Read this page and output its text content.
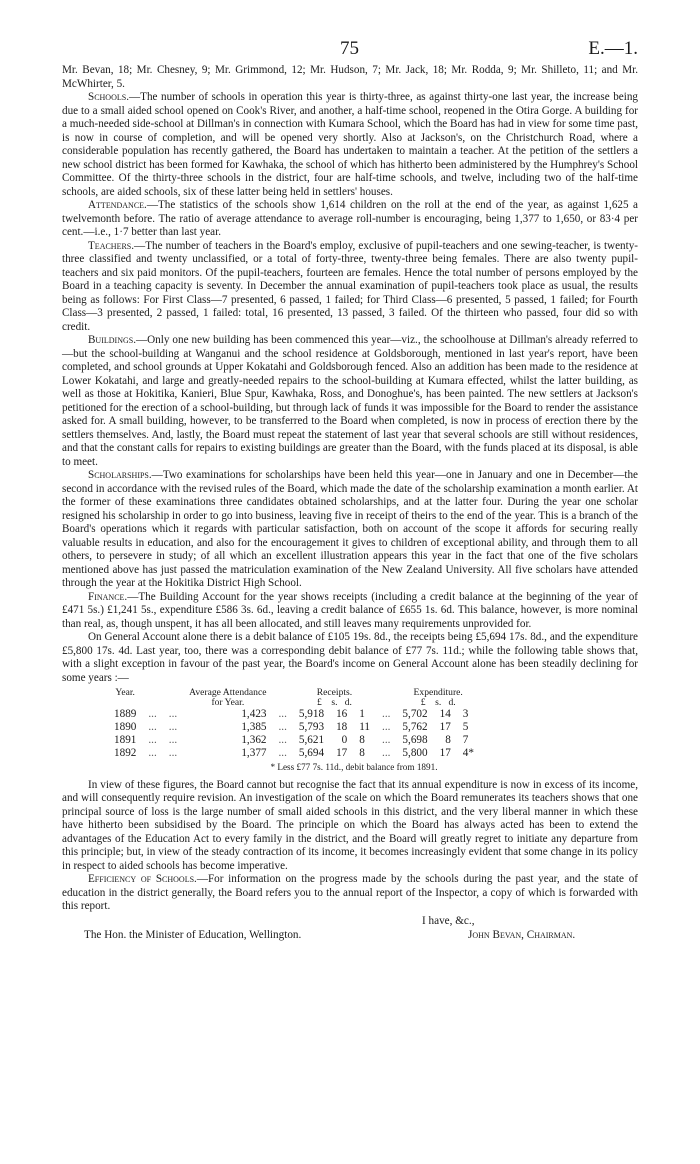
75	E.—1.

Mr. Bevan, 18; Mr. Chesney, 9; Mr. Grimmond, 12; Mr. Hudson, 7; Mr. Jack, 18; Mr. Rodda, 9; Mr. Shilleto, 11; and Mr. McWhirter, 5.

Schools.—The number of schools in operation this year is thirty-three, as against thirty-one last year, the increase being due to a small aided school opened on Cook's River, and another, a half-time school, reopened in the Otira Gorge. A building for a much-needed side-school at Dillman's in connection with Kumara School, which the Board has had in view for some time past, is now in course of completion, and will be opened very shortly. Also at Jackson's, on the Christchurch Road, where a considerable population has recently gathered, the Board has undertaken to maintain a teacher. At the petition of the settlers a new school district has been formed for Kawhaka, the school of which has hitherto been administered by the Humphrey's School Committee. Of the thirty-three schools in the district, four are half-time schools, and twelve, including two of the half-time schools, are aided schools, six of these latter being held in settlers' houses.

Attendance.—The statistics of the schools show 1,614 children on the roll at the end of the year, as against 1,625 a twelvemonth before. The ratio of average attendance to average roll-number is encouraging, being 1,377 to 1,650, or 83·4 per cent.—i.e., 1·7 better than last year.

Teachers.—The number of teachers in the Board's employ, exclusive of pupil-teachers and one sewing-teacher, is twenty-three classified and twenty unclassified, or a total of forty-three, twenty-three being females. There are also twenty pupil-teachers and six paid monitors. Of the pupil-teachers, fourteen are females. Hence the total number of persons employed by the Board in a teaching capacity is seventy. In December the annual examination of pupil-teachers took place as usual, the results being as follows: For First Class—7 presented, 6 passed, 1 failed; for Third Class—6 presented, 5 passed, 1 failed; for Fourth Class—3 presented, 2 passed, 1 failed: total, 16 presented, 13 passed, 3 failed. Of the thirteen who passed, four did so with credit.

Buildings.—Only one new building has been commenced this year—viz., the schoolhouse at Dillman's already referred to—but the school-building at Wanganui and the school residence at Goldsborough, mentioned in last year's report, have been completed, and school grounds at Upper Kokatahi and Goldsborough fenced. Also an addition has been made to the residence at Lower Kokatahi, and large and greatly-needed repairs to the school-building at Kumara effected, whilst the latter building, as well as those at Hokitika, Kanieri, Blue Spur, Kawhaka, Ross, and Donoghue's, has been painted. The new settlers at Jackson's petitioned for the erection of a school-building, but through lack of funds it was impossible for the Board to render the assistance asked for. A small building, however, to be transferred to the Board when completed, is now in process of erection there by the settlers themselves. And, lastly, the Board must repeat the statement of last year that several schools are still without residences, and that the constant calls for repairs to existing buildings are greater than the Board, with the funds placed at its disposal, is able to meet.

Scholarships.—Two examinations for scholarships have been held this year—one in January and one in December—the second in accordance with the revised rules of the Board, which made the date of the scholarship examination a month earlier. At the former of these examinations three candidates obtained scholarships, and at the latter four. During the year one scholar resigned his scholarship in order to go into business, leaving five in receipt of theirs to the end of the year. This is a branch of the Board's operations which it regards with particular satisfaction, both on account of the scope it affords for securing really valuable results in education, and also for the encouragement it gives to children of exceptional ability, and through them to all others, to persevere in study; of all which an excellent illustration appears this year in the fact that one of the five scholars mentioned above has just passed the matriculation examination of the New Zealand University. All five scholars have attended through the year at the Hokitika District High School.

Finance.—The Building Account for the year shows receipts (including a credit balance at the beginning of the year of £471 5s.) £1,241 5s., expenditure £586 3s. 6d., leaving a credit balance of £655 1s. 6d. This balance, however, is more nominal than real, as, though unspent, it has all been allocated, and still leaves many requirements unprovided for.

On General Account alone there is a debit balance of £105 19s. 8d., the receipts being £5,694 17s. 8d., and the expenditure £5,800 17s. 4d. Last year, too, there was a corresponding debit balance of £77 7s. 11d.; while the following table shows that, with a slight exception in favour of the past year, the Board's income on General Account alone has been steadily declining for some years :—

Year.			Average Attendance
for Year.		Receipts.
£ s. d.				Expenditure.
£ s. d.		
1889	...	...	1,423	...	5,918	16	1	...	5,702	14	3
1890	...	...	1,385	...	5,793	18	11	...	5,762	17	5
1891	...	...	1,362	...	5,621	0	8	...	5,698	8	7
1892	...	...	1,377	...	5,694	17	8	...	5,800	17	4*
* Less £77 7s. 11d., debit balance from 1891.

In view of these figures, the Board cannot but recognise the fact that its annual expenditure is now in excess of its income, and will consequently require revision. An investigation of the scale on which the Board remunerates its teachers shows that one principal source of loss is the large number of small aided schools in this district, and the very liberal manner in which these have hitherto been subsidised by the Board. The principle on which the Board has always acted has been to extend the advantages of the Education Act to every family in the district, and the Board will greatly regret to initiate any departure from this principle; but, in view of the steady contraction of its income, it becomes increasingly evident that some change in its policy in respect to aided schools has become imperative.

Efficiency of Schools.—For information on the progress made by the schools during the past year, and the state of education in the district generally, the Board refers you to the annual report of the Inspector, a copy of which is forwarded with this report.

I have, &c.,
The Hon. the Minister of Education, Wellington.	John Bevan, Chairman.
